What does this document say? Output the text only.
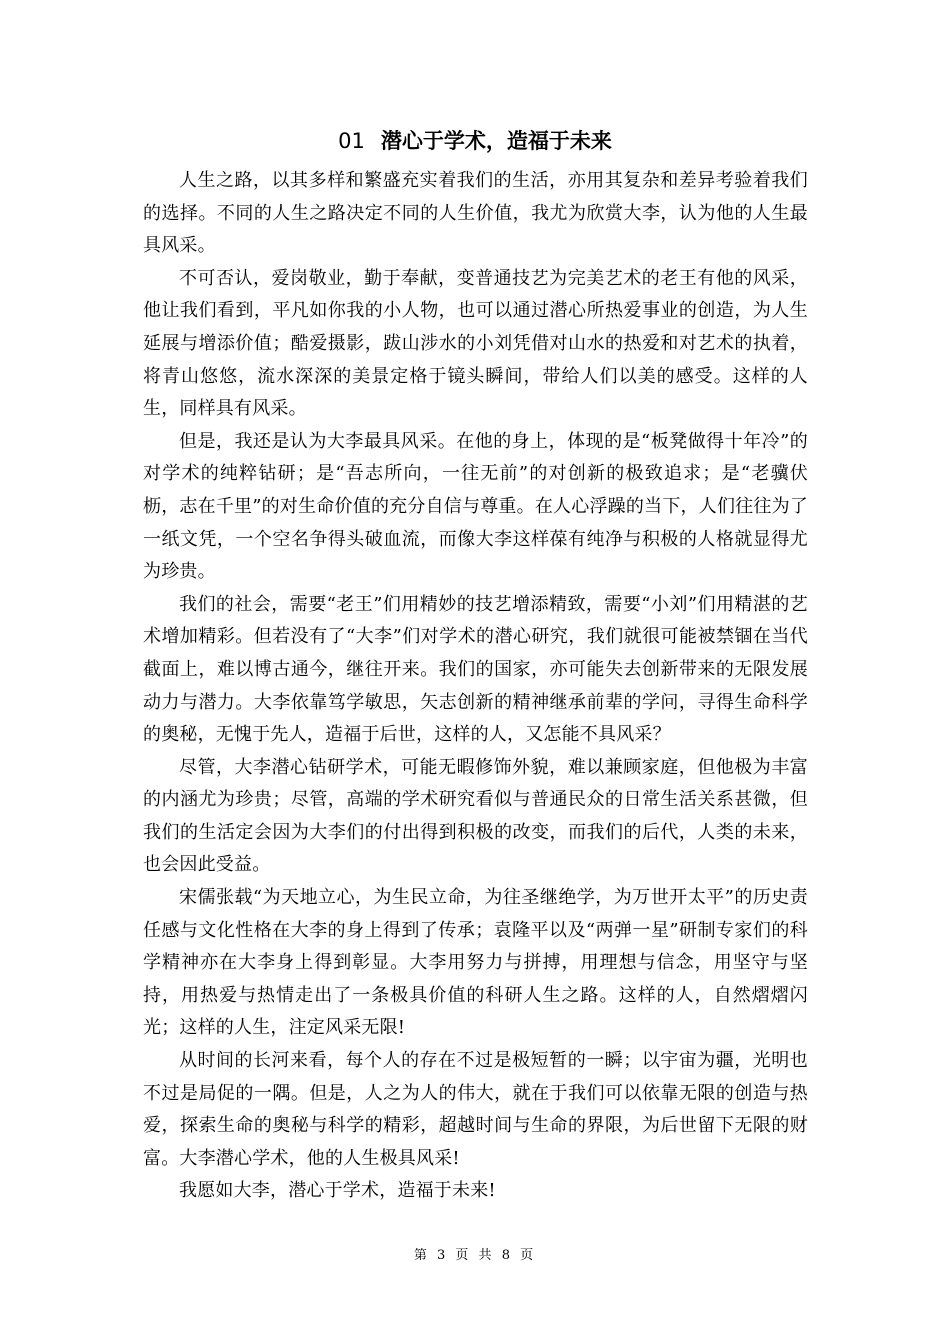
01 潜心于学术，造福于未来

人生之路，以其多样和繁盛充实着我们的生活，亦用其复杂和差异考验着我们的选择。不同的人生之路决定不同的人生价值，我尤为欣赏大李，认为他的人生最具风采。

不可否认，爱岗敬业，勤于奉献，变普通技艺为完美艺术的老王有他的风采，他让我们看到，平凡如你我的小人物，也可以通过潜心所热爱事业的创造，为人生延展与增添价值；酷爱摄影，跋山涉水的小刘凭借对山水的热爱和对艺术的执着，将青山悠悠，流水深深的美景定格于镜头瞬间，带给人们以美的感受。这样的人生，同样具有风采。

但是，我还是认为大李最具风采。在他的身上，体现的是“板凳做得十年冷”的对学术的纯粹钻研；是“吾志所向，一往无前”的对创新的极致追求；是“老骥伏枥，志在千里”的对生命价值的充分自信与尊重。在人心浮躁的当下，人们往往为了一纸文凭，一个空名争得头破血流，而像大李这样葆有纯净与积极的人格就显得尤为珍贵。

我们的社会，需要“老王”们用精妙的技艺增添精致，需要“小刘”们用精湛的艺术增加精彩。但若没有了“大李”们对学术的潜心研究，我们就很可能被禁锢在当代截面上，难以博古通今，继往开来。我们的国家，亦可能失去创新带来的无限发展动力与潜力。大李依靠笃学敏思，矢志创新的精神继承前辈的学问，寻得生命科学的奥秘，无愧于先人，造福于后世，这样的人，又怎能不具风采？

尽管，大李潜心钻研学术，可能无暇修饰外貌，难以兼顾家庭，但他极为丰富的内涵尤为珍贵；尽管，高端的学术研究看似与普通民众的日常生活关系甚微，但我们的生活定会因为大李们的付出得到积极的改变，而我们的后代，人类的未来，也会因此受益。

宋儒张载“为天地立心，为生民立命，为往圣继绝学，为万世开太平”的历史责任感与文化性格在大李的身上得到了传承；袁隆平以及“两弹一星”研制专家们的科学精神亦在大李身上得到彰显。大李用努力与拼搏，用理想与信念，用坚守与坚持，用热爱与热情走出了一条极具价值的科研人生之路。这样的人，自然熠熠闪光；这样的人生，注定风采无限!

从时间的长河来看，每个人的存在不过是极短暂的一瞬；以宇宙为疆，光明也不过是局促的一隅。但是，人之为人的伟大，就在于我们可以依靠无限的创造与热爱，探索生命的奥秘与科学的精彩，超越时间与生命的界限，为后世留下无限的财富。大李潜心学术，他的人生极具风采!

我愿如大李，潜心于学术，造福于未来!

第 3 页 共 8 页
